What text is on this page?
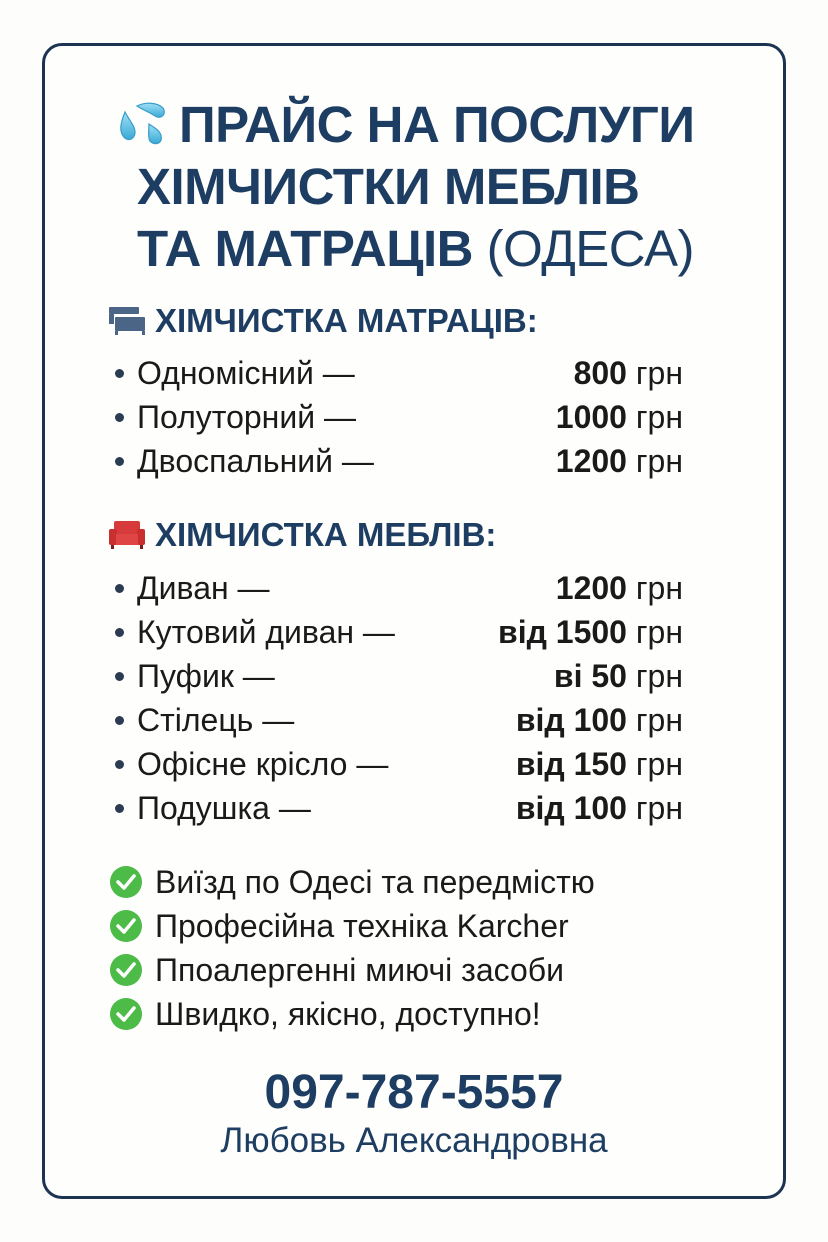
ПРАЙС НА ПОСЛУГИ
ХІМЧИСТКИ МЕБЛІВ
ТА МАТРАЦІВ (ОДЕСА)
ХІМЧИСТКА МАТРАЦІВ:
Одномісний —	800 грн
Полуторний —	1000 грн
Двоспальний —	1200 грн
ХІМЧИСТКА МЕБЛІВ:
Диван —	1200 грн
Кутовий диван —	від 1500 грн
Пуфик —	ві 50 грн
Стілець —	від 100 грн
Офісне крісло —	від 150 грн
Подушка —	від 100 грн
Виїзд по Одесі та передмістю
Професійна техніка Karcher
Ппоалергенні миючі засоби
Швидко, якісно, доступно!
097-787-5557
Любовь Александровна
